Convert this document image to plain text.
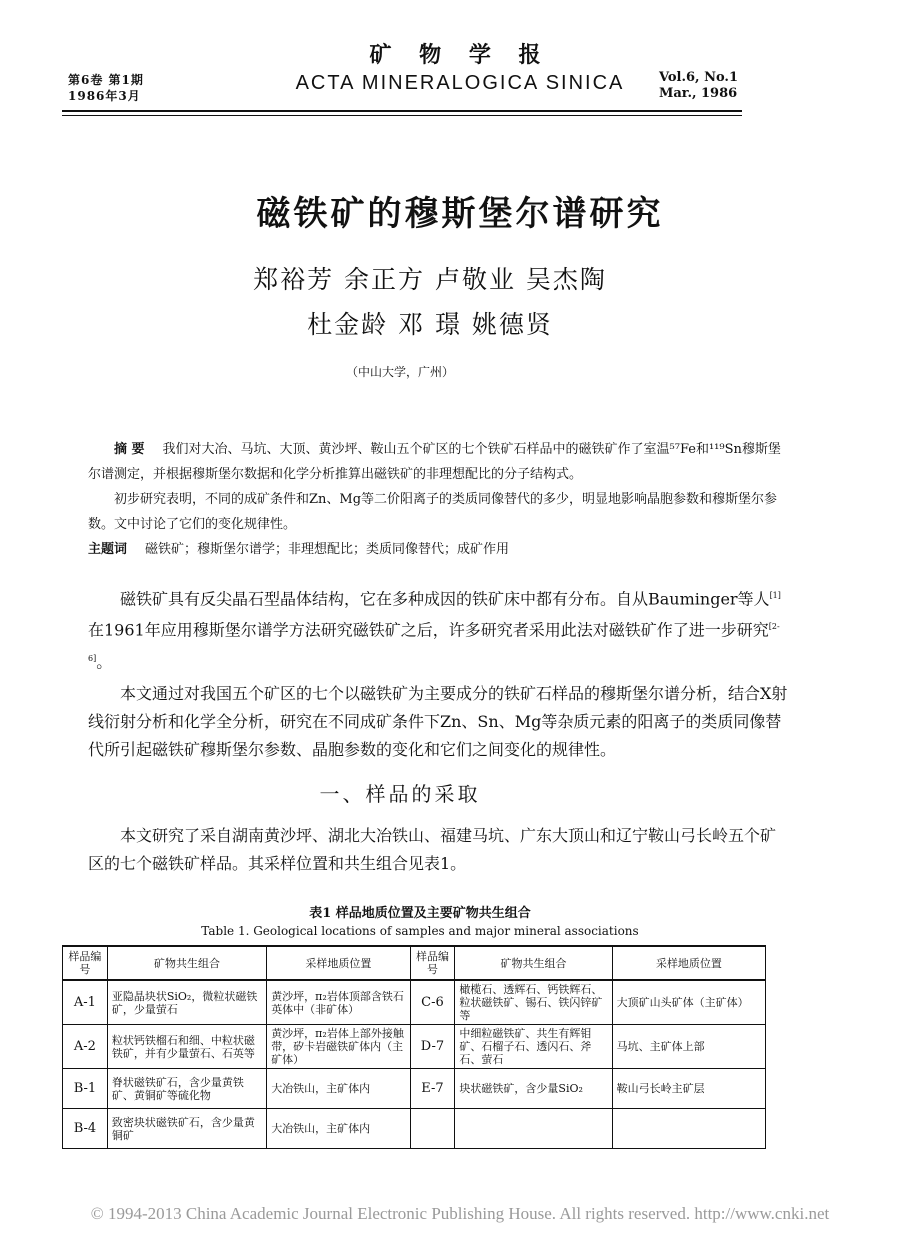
矿 物 学 报
ACTA MINERALOGICA SINICA
第6卷 第1期
1986年3月
Vol.6, No.1
Mar., 1986
磁铁矿的穆斯堡尔谱研究
郑裕芳 余正方 卢敬业 吴杰陶
杜金龄 邓 璟 姚德贤
（中山大学，广州）

摘 要 我们对大冶、马坑、大顶、黄沙坪、鞍山五个矿区的七个铁矿石样品中的磁铁矿作了室温⁵⁷Fe和¹¹⁹Sn穆斯堡尔谱测定，并根据穆斯堡尔数据和化学分析推算出磁铁矿的非理想配比的分子结构式。

初步研究表明，不同的成矿条件和Zn、Mg等二价阳离子的类质同像替代的多少，明显地影响晶胞参数和穆斯堡尔参数。文中讨论了它们的变化规律性。

主题词 磁铁矿；穆斯堡尔谱学；非理想配比；类质同像替代；成矿作用

磁铁矿具有反尖晶石型晶体结构，它在多种成因的铁矿床中都有分布。自从Bauminger等人[1]在1961年应用穆斯堡尔谱学方法研究磁铁矿之后，许多研究者采用此法对磁铁矿作了进一步研究[2-6]。

本文通过对我国五个矿区的七个以磁铁矿为主要成分的铁矿石样品的穆斯堡尔谱分析，结合X射线衍射分析和化学全分析，研究在不同成矿条件下Zn、Sn、Mg等杂质元素的阳离子的类质同像替代所引起磁铁矿穆斯堡尔参数、晶胞参数的变化和它们之间变化的规律性。

一、样品的采取

本文研究了采自湖南黄沙坪、湖北大冶铁山、福建马坑、广东大顶山和辽宁鞍山弓长岭五个矿区的七个磁铁矿样品。其采样位置和共生组合见表1。

表1 样品地质位置及主要矿物共生组合
Table 1. Geological locations of samples and major mineral associations
样品编号	矿物共生组合	采样地质位置	样品编号	矿物共生组合	采样地质位置
A-1	亚隐晶块状SiO₂，微粒状磁铁矿，少量萤石	黄沙坪，π₂岩体顶部含铁石英体中（非矿体）	C-6	橄榄石、透辉石、钙铁辉石、粒状磁铁矿、锡石、铁闪锌矿等	大顶矿山头矿体（主矿体）
A-2	粒状钙铁榴石和细、中粒状磁铁矿，并有少量萤石、石英等	黄沙坪，π₂岩体上部外接触带，矽卡岩磁铁矿体内（主矿体）	D-7	中细粒磁铁矿、共生有辉钼矿、石榴子石、透闪石、斧石、萤石	马坑、主矿体上部
B-1	脊状磁铁矿石，含少量黄铁矿、黄铜矿等硫化物	大冶铁山，主矿体内	E-7	块状磁铁矿，含少量SiO₂	鞍山弓长岭主矿层
B-4	致密块状磁铁矿石，含少量黄铜矿	大冶铁山，主矿体内			
© 1994-2013 China Academic Journal Electronic Publishing House. All rights reserved. http://www.cnki.net
